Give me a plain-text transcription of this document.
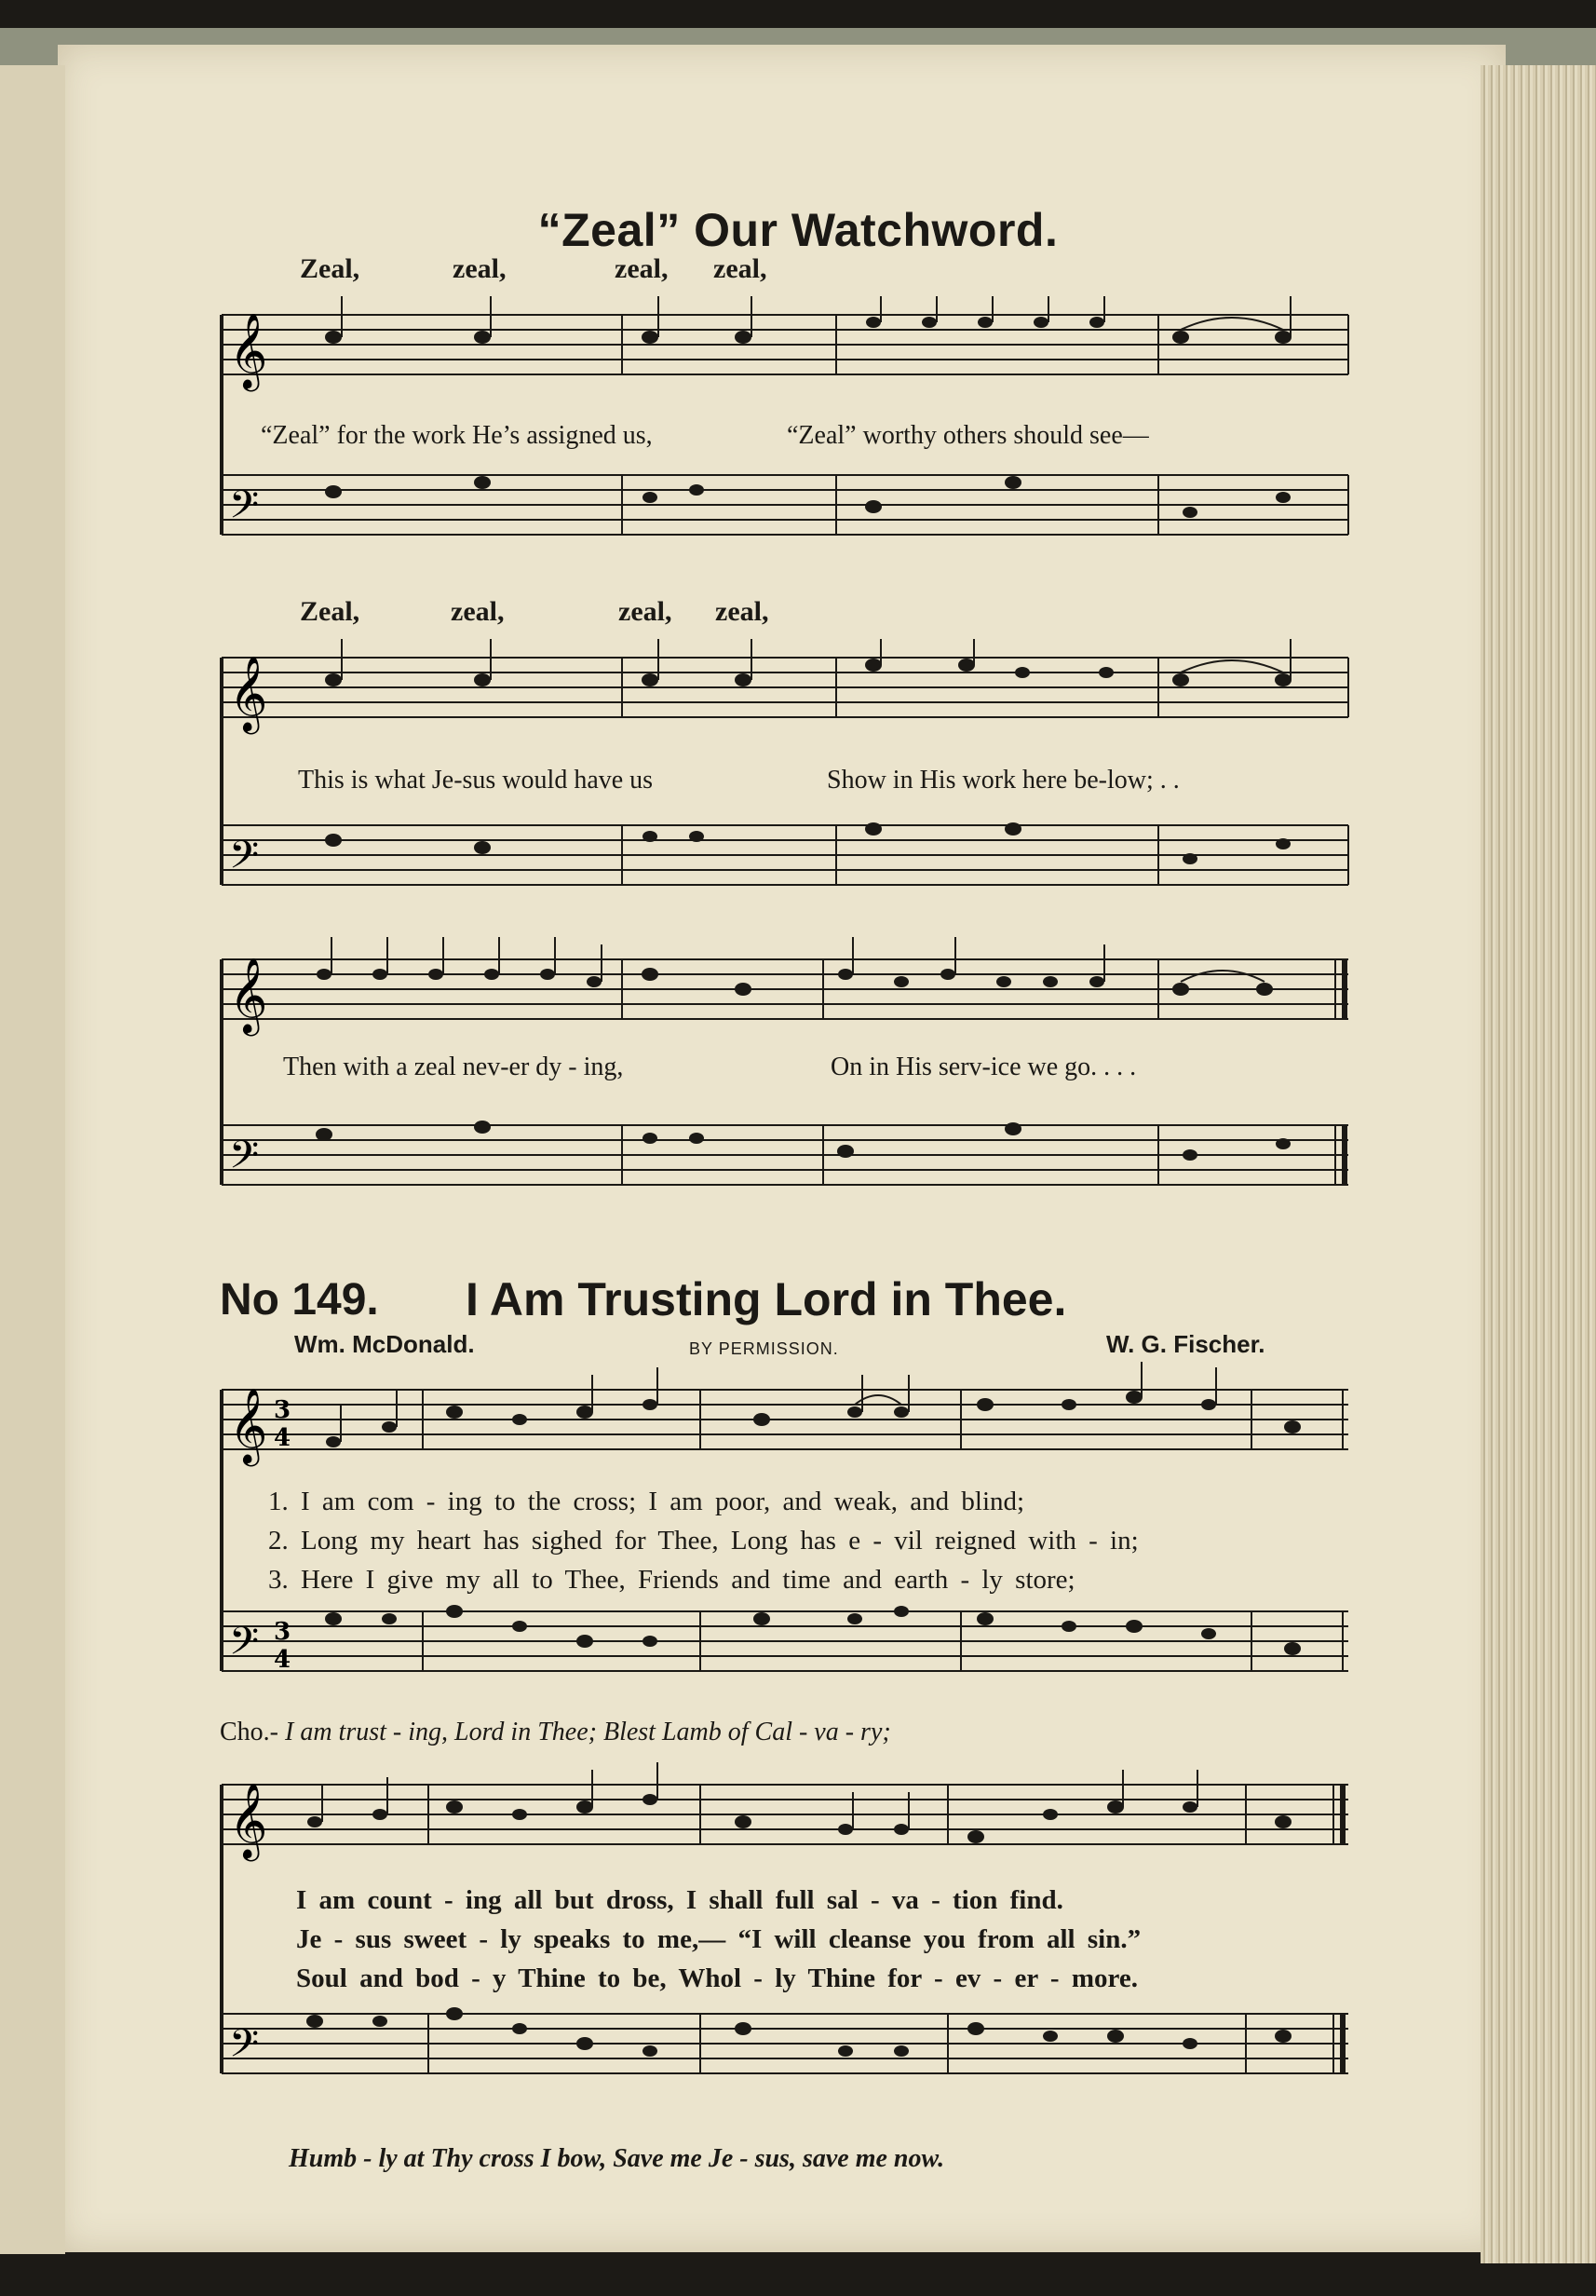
“Zeal” Our Watchword.
Zeal,	zeal,	zeal, zeal,
𝄞
𝄢
“Zeal” for the work He’s assigned us,	“Zeal” worthy others should see—
Zeal,	zeal,	zeal, zeal,
𝄞
𝄢
This is what Je-sus would have us	Show in His work here be-low; . .
𝄞
𝄢
Then with a zeal nev-er dy - ing,	On in His serv-ice we go. . . .
No 149. I Am Trusting Lord in Thee.
Wm. McDonald.	BY PERMISSION.	W. G. Fischer.
𝄞 3
4
𝄢 3
4
1. I am com - ing to the cross; I am poor, and weak, and blind;
2. Long my heart has sighed for Thee, Long has e - vil reigned with - in;
3. Here I give my all to Thee, Friends and time and earth - ly store;
Cho.- I am trust - ing, Lord in Thee; Blest Lamb of Cal - va - ry;
𝄞
𝄢
I am count - ing all but dross, I shall full sal - va - tion find.
Je - sus sweet - ly speaks to me,— “I will cleanse you from all sin.”
Soul and bod - y Thine to be, Whol - ly Thine for - ev - er - more.
Humb - ly at Thy cross I bow, Save me Je - sus, save me now.
